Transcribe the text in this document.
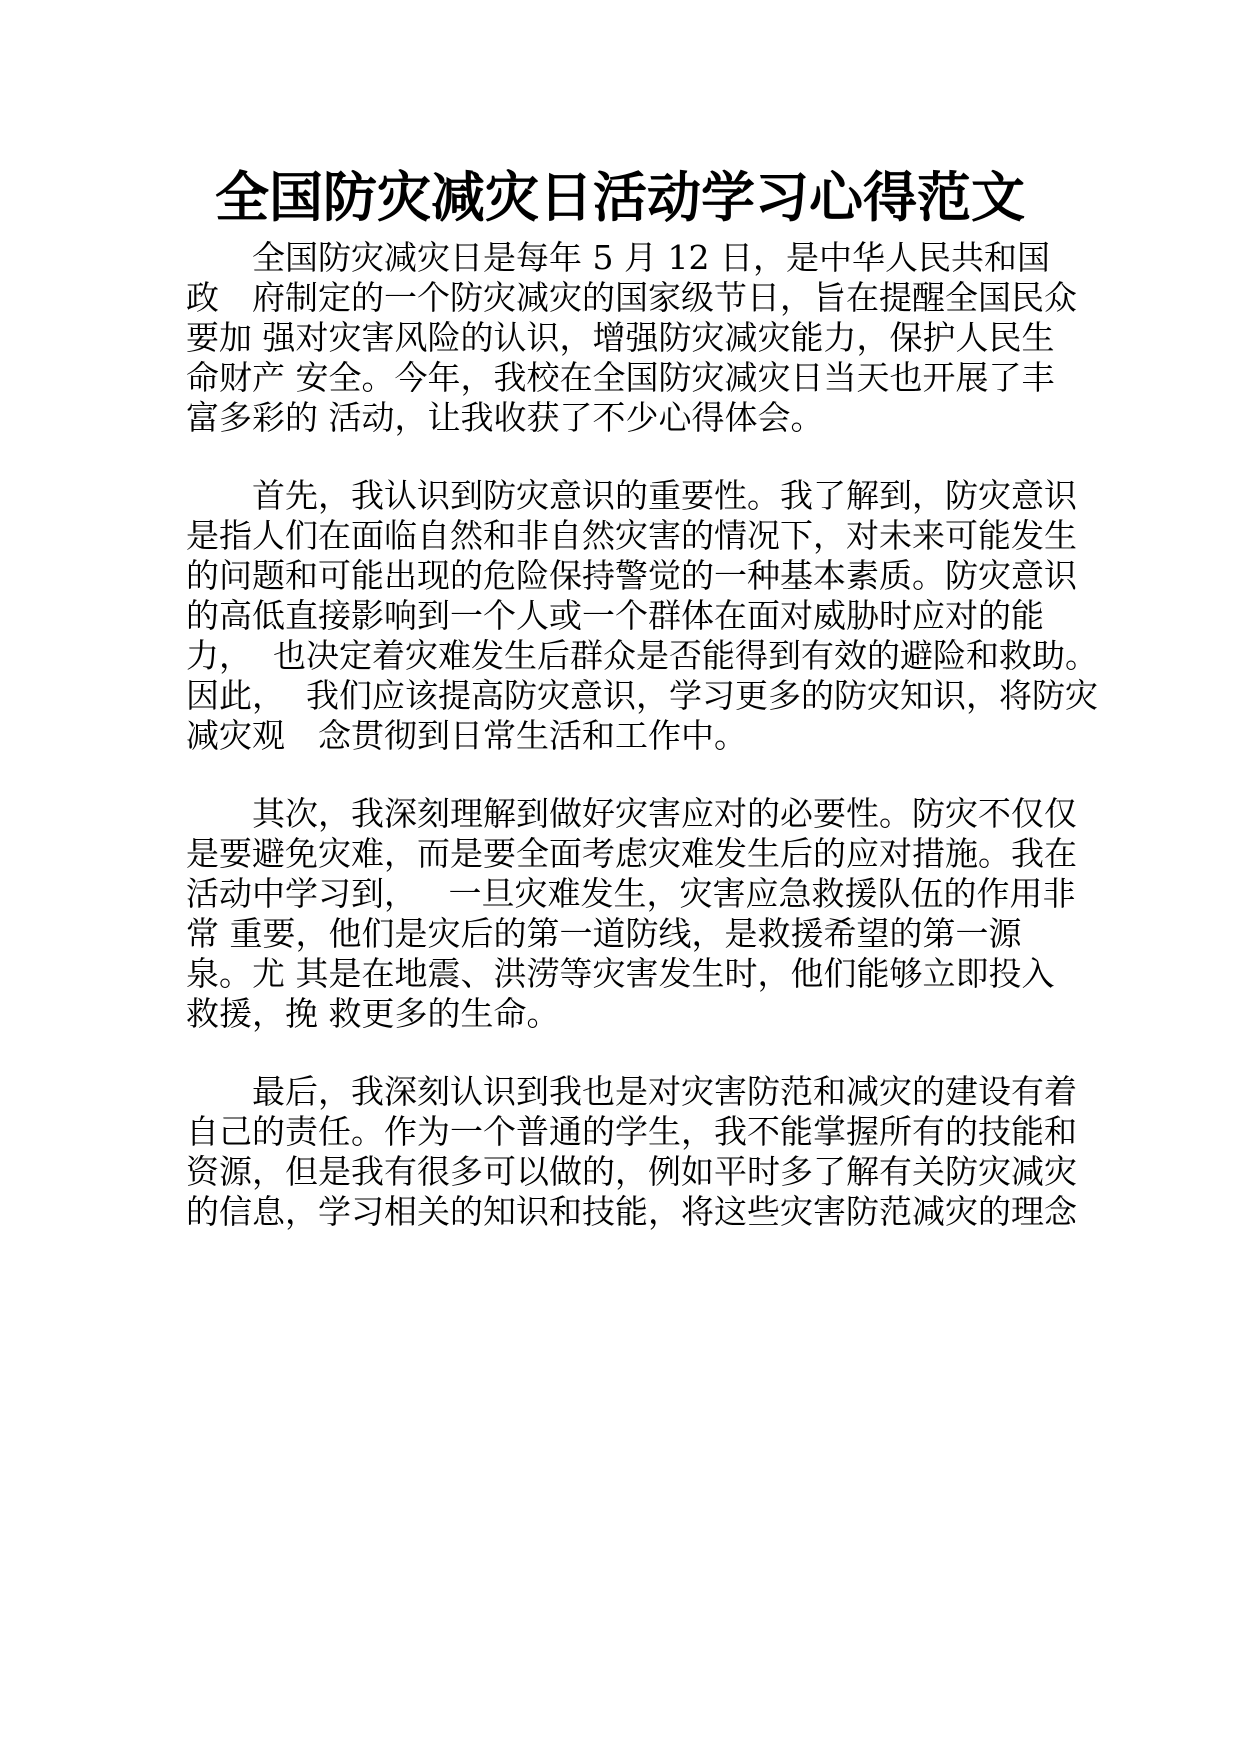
全国防灾减灾日活动学习心得范文

全国防灾减灾日是每年 5 月 12 日，是中华人民共和国

政　府制定的一个防灾减灾的国家级节日，旨在提醒全国民众

要加 强对灾害风险的认识，增强防灾减灾能力，保护人民生

命财产 安全。今年，我校在全国防灾减灾日当天也开展了丰

富多彩的 活动，让我收获了不少心得体会。

首先，我认识到防灾意识的重要性。我了解到，防灾意识

是指人们在面临自然和非自然灾害的情况下，对未来可能发生

的问题和可能出现的危险保持警觉的一种基本素质。防灾意识

的高低直接影响到一个人或一个群体在面对威胁时应对的能

力，  也决定着灾难发生后群众是否能得到有效的避险和救助。

因此，  我们应该提高防灾意识，学习更多的防灾知识，将防灾

减灾观　念贯彻到日常生活和工作中。

其次，我深刻理解到做好灾害应对的必要性。防灾不仅仅

是要避免灾难，而是要全面考虑灾难发生后的应对措施。我在

活动中学习到，   一旦灾难发生，灾害应急救援队伍的作用非

常 重要，他们是灾后的第一道防线，是救援希望的第一源

泉。尤 其是在地震、洪涝等灾害发生时，他们能够立即投入

救援，挽 救更多的生命。

最后，我深刻认识到我也是对灾害防范和减灾的建设有着

自己的责任。作为一个普通的学生，我不能掌握所有的技能和

资源，但是我有很多可以做的，例如平时多了解有关防灾减灾

的信息，学习相关的知识和技能，将这些灾害防范减灾的理念
